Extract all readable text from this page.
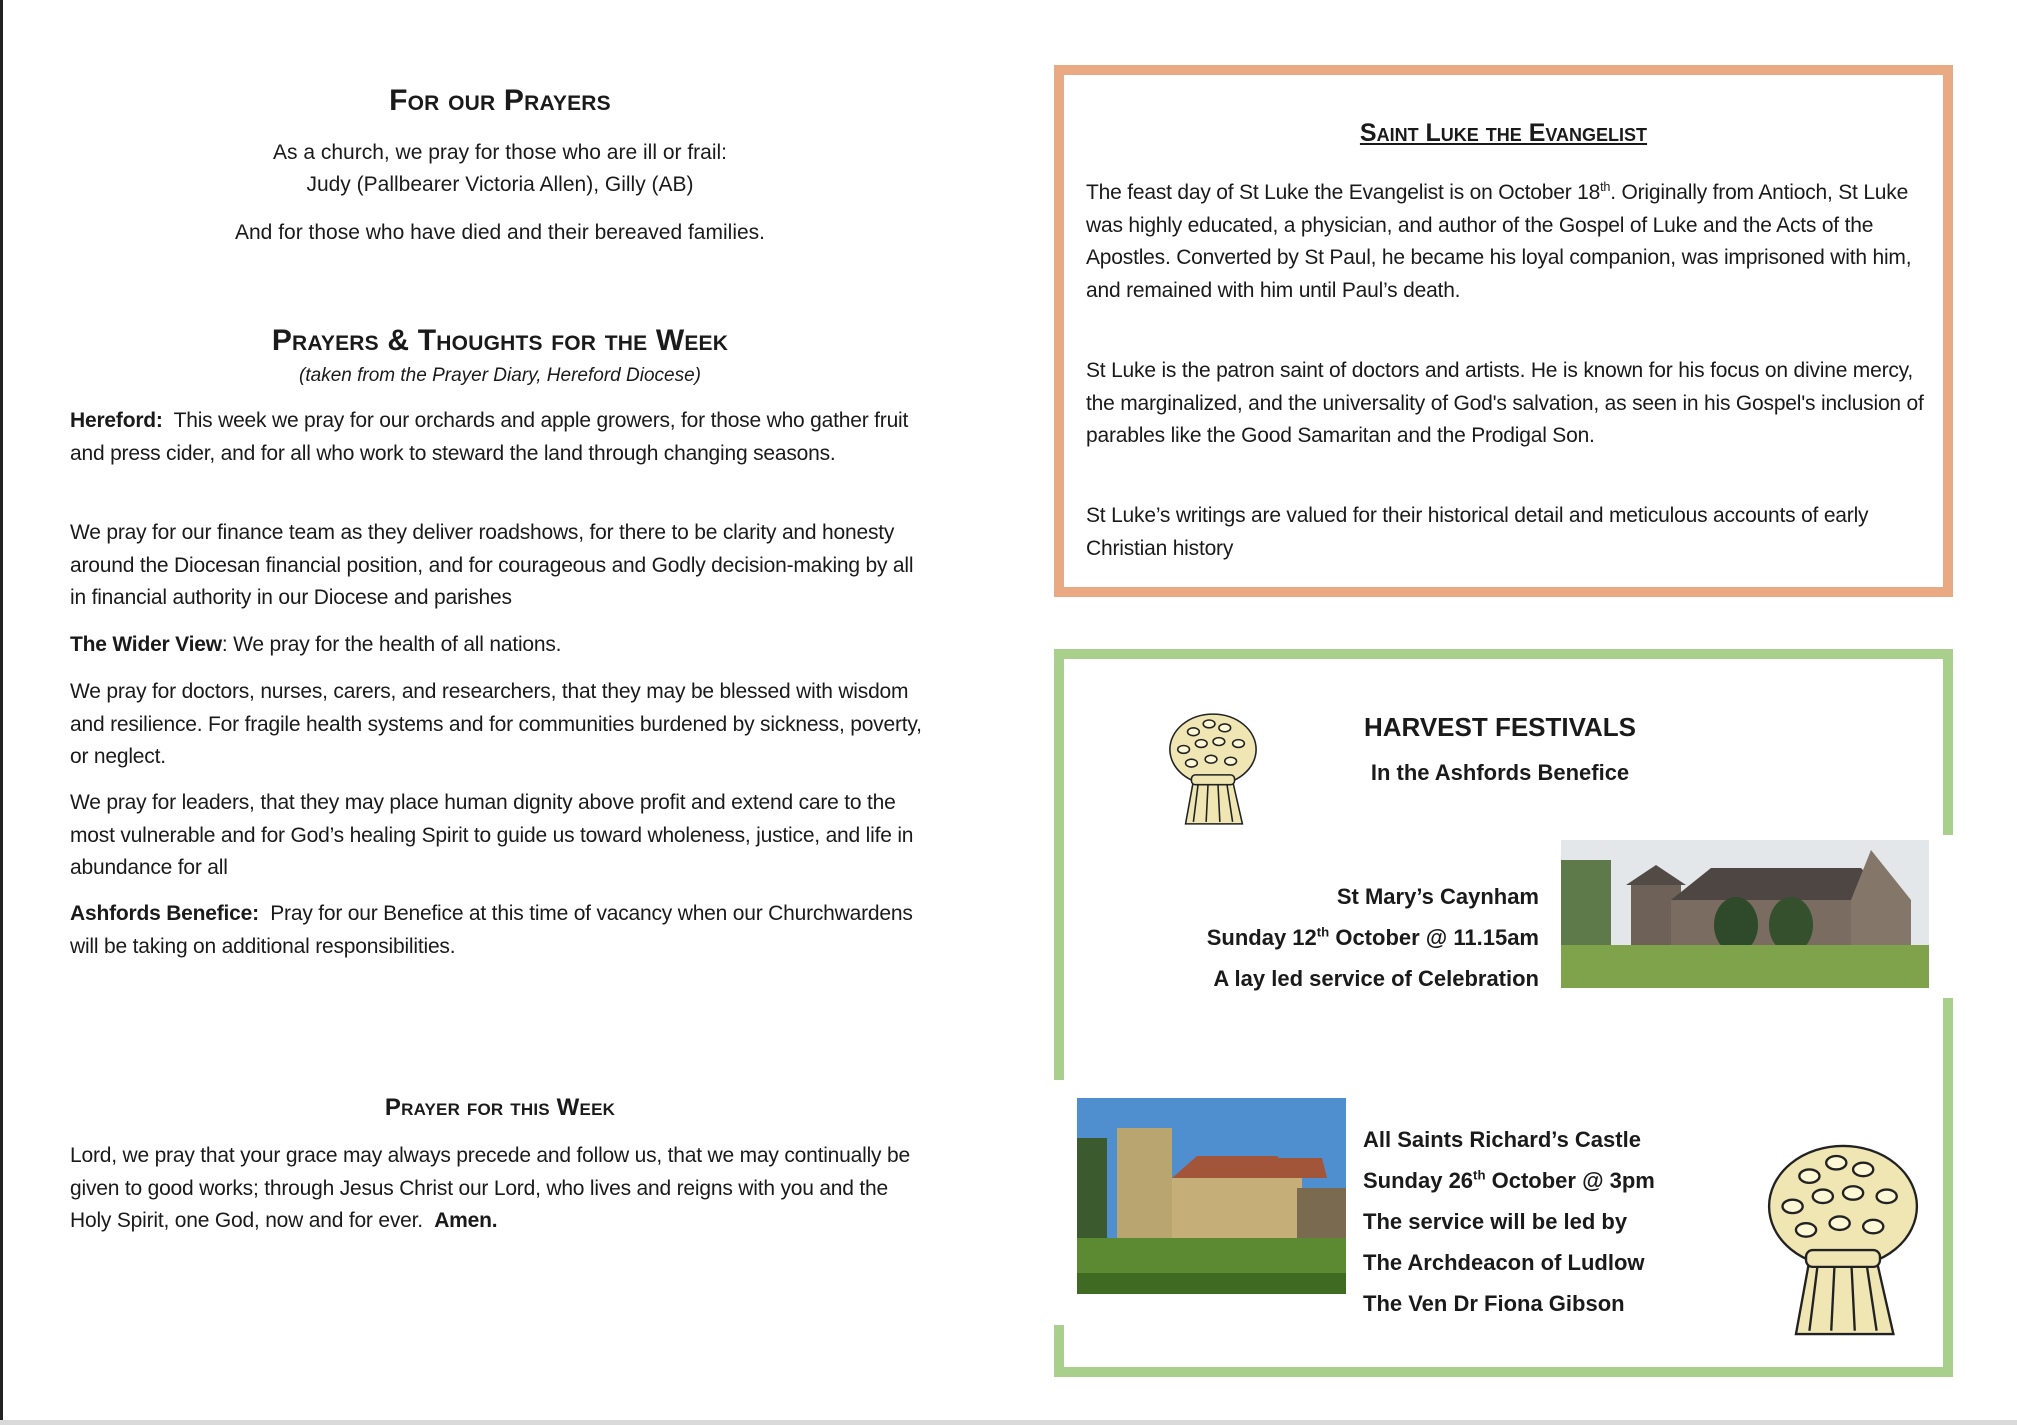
For our Prayers
As a church, we pray for those who are ill or frail:
Judy (Pallbearer Victoria Allen), Gilly (AB)
And for those who have died and their bereaved families.
Prayers & Thoughts for the Week
(taken from the Prayer Diary, Hereford Diocese)
Hereford: This week we pray for our orchards and apple growers, for those who gather fruit and press cider, and for all who work to steward the land through changing seasons.
We pray for our finance team as they deliver roadshows, for there to be clarity and honesty around the Diocesan financial position, and for courageous and Godly decision-making by all in financial authority in our Diocese and parishes
The Wider View: We pray for the health of all nations.
We pray for doctors, nurses, carers, and researchers, that they may be blessed with wisdom and resilience. For fragile health systems and for communities burdened by sickness, poverty, or neglect.
We pray for leaders, that they may place human dignity above profit and extend care to the most vulnerable and for God’s healing Spirit to guide us toward wholeness, justice, and life in abundance for all
Ashfords Benefice: Pray for our Benefice at this time of vacancy when our Churchwardens will be taking on additional responsibilities.
Prayer for this Week
Lord, we pray that your grace may always precede and follow us, that we may continually be given to good works; through Jesus Christ our Lord, who lives and reigns with you and the Holy Spirit, one God, now and for ever. Amen.
Saint Luke the Evangelist
The feast day of St Luke the Evangelist is on October 18th. Originally from Antioch, St Luke was highly educated, a physician, and author of the Gospel of Luke and the Acts of the Apostles. Converted by St Paul, he became his loyal companion, was imprisoned with him, and remained with him until Paul’s death.
St Luke is the patron saint of doctors and artists. He is known for his focus on divine mercy, the marginalized, and the universality of God's salvation, as seen in his Gospel's inclusion of parables like the Good Samaritan and the Prodigal Son.
St Luke’s writings are valued for their historical detail and meticulous accounts of early Christian history
HARVEST FESTIVALS
In the Ashfords Benefice
St Mary’s Caynham
Sunday 12th October @ 11.15am
A lay led service of Celebration
All Saints Richard’s Castle
Sunday 26th October @ 3pm
The service will be led by
The Archdeacon of Ludlow
The Ven Dr Fiona Gibson
